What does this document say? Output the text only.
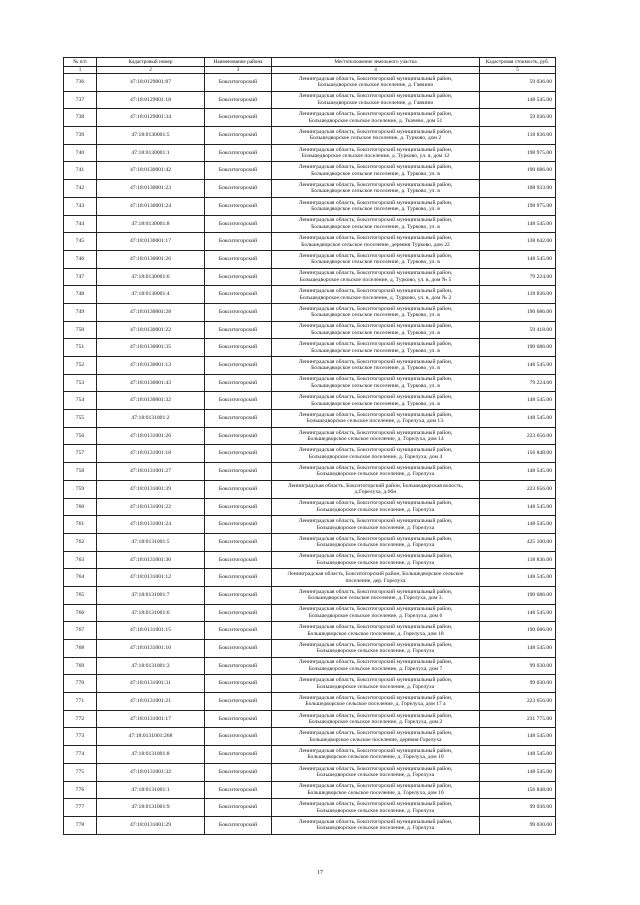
№ п/п	Кадастровый номер	Наименование района	Местоположение земельного участка	Кадастровая стоимость, руб.
1	2	3	4	5
736	47:18:0129001:87	Бокситогорский	Ленинградская область, Бокситогорский муниципальный район,
Большедворское сельское поселение, д. Гавчино	59 036.00
737	47:18:0129001:18	Бокситогорский	Ленинградская область, Бокситогорский муниципальный район,
Большедворское сельское поселение, д. Гавчино	148 545.00
738	47:18:0129001:34	Бокситогорский	Ленинградская область, Бокситогорский муниципальный район,
Большедворское сельское поселение, д. Ткачево, дом 51	59 036.00
739	47:18:0130001:5	Бокситогорский	Ленинградская область, Бокситогорский муниципальный район,
Большедворское сельское поселение, д. Турково, дом 2	118 836.00
740	47:18:0130001:1	Бокситогорский	Ленинградская область, Бокситогорский муниципальный район,
Большедворское сельское поселение, д. Турково, ул. в, дом 12	198 975.00
741	47:18:0130001:42	Бокситогорский	Ленинградская область, Бокситогорский муниципальный район,
Большедворское сельское поселение, д. Турково, ул. в	190 686.00
742	47:18:0130001:23	Бокситогорский	Ленинградская область, Бокситогорский муниципальный район,
Большедворское сельское поселение, д. Турково, ул. в	108 933.00
743	47:18:0130001:24	Бокситогорский	Ленинградская область, Бокситогорский муниципальный район,
Большедворское сельское поселение, д. Турково, ул. в	198 975.00
744	47:18:0130001:8	Бокситогорский	Ленинградская область, Бокситогорский муниципальный район,
Большедворское сельское поселение, д. Турково, ул. в	148 545.00
745	47:18:0130001:17	Бокситогорский	Ленинградская область, Бокситогорский муниципальный район,
Большедворское сельское поселение, деревня Турково, дом 22	138 642.00
746	47:18:0130001:26	Бокситогорский	Ленинградская область, Бокситогорский муниципальный район,
Большедворское сельское поселение, д. Турково, ул. в	148 545.00
747	47:18:0130001:6	Бокситогорский	Ленинградская область, Бокситогорский муниципальный район,
Большедворское сельское поселение, д. Турково, ул. в, дом № 5	79 224.00
748	47:18:0130001:4	Бокситогорский	Ленинградская область, Бокситогорский муниципальный район,
Большедворское сельское поселение, д. Турково, ул. в, дом № 2	118 836.00
749	47:18:0130001:28	Бокситогорский	Ленинградская область, Бокситогорский муниципальный район,
Большедворское сельское поселение, д. Турково, ул. в	190 686.00
750	47:18:0130001:22	Бокситогорский	Ленинградская область, Бокситогорский муниципальный район,
Большедворское сельское поселение, д. Турково, ул. в	59 418.00
751	47:18:0130001:35	Бокситогорский	Ленинградская область, Бокситогорский муниципальный район,
Большедворское сельское поселение, д. Турково, ул. в	190 686.00
752	47:18:0130001:13	Бокситогорский	Ленинградская область, Бокситогорский муниципальный район,
Большедворское сельское поселение, д. Турково, ул. в	148 545.00
753	47:18:0130001:43	Бокситогорский	Ленинградская область, Бокситогорский муниципальный район,
Большедворское сельское поселение, д. Турково, ул. в	79 224.00
754	47:18:0130001:32	Бокситогорский	Ленинградская область, Бокситогорский муниципальный район,
Большедворское сельское поселение, д. Турково, ул. в	148 545.00
755	47:18:0131001:2	Бокситогорский	Ленинградская область, Бокситогорский муниципальный район,
Большедворское сельское поселение, д. Горелуха, дом 13.	148 545.00
756	47:18:0131001:26	Бокситогорский	Ленинградская область, Бокситогорский муниципальный район,
Большедворское сельское поселение, д. Горелуха, дом 14	223 656.00
757	47:18:0131001:18	Бокситогорский	Ленинградская область, Бокситогорский муниципальный район,
Большедворское сельское поселение, д. Горелуха, дом 4	156 848.00
758	47:18:0131001:27	Бокситогорский	Ленинградская область, Бокситогорский муниципальный район,
Большедворское сельское поселение, д. Горелуха	148 545.00
759	47:18:0131001:39	Бокситогорский	Ленинградская область, Бокситогорский район, Большедворская волость,
д.Горелуха, д.6бн	223 656.00
760	47:18:0131001:22	Бокситогорский	Ленинградская область, Бокситогорский муниципальный район,
Большедворское сельское поселение, д. Горелуха	148 545.00
761	47:18:0131001:24	Бокситогорский	Ленинградская область, Бокситогорский муниципальный район,
Большедворское сельское поселение, д. Горелуха	148 545.00
762	47:18:0131001:5	Бокситогорский	Ленинградская область, Бокситогорский муниципальный район,
Большедворское сельское поселение, д. Горелуха	425 100.00
763	47:18:0131001:30	Бокситогорский	Ленинградская область, Бокситогорский муниципальный район,
Большедворское сельское поселение, д. Горелуха	118 836.00
764	47:18:0131001:12	Бокситогорский	Ленинградская область, Бокситогорский район, Большедворское сельское
поселение, дер. Горелуха	148 545.00
765	47:18:0131001:7	Бокситогорский	Ленинградская область, Бокситогорский муниципальный район,
Большедворское сельское поселение, д. Горелуха, дом 3.	190 686.00
766	47:18:0131001:6	Бокситогорский	Ленинградская область, Бокситогорский муниципальный район,
Большедворское сельское поселение, д. Горелуха, дом 6	148 545.00
767	47:18:0131001:15	Бокситогорский	Ленинградская область, Бокситогорский муниципальный район,
Большедворское сельское поселение, д. Горелуха, дом 18	190 686.00
768	47:18:0131001:10	Бокситогорский	Ленинградская область, Бокситогорский муниципальный район,
Большедворское сельское поселение, д. Горелуха	148 545.00
769	47:18:0131001:3	Бокситогорский	Ленинградская область, Бокситогорский муниципальный район,
Большедворское сельское поселение, д. Горелуха, дом 7	99 030.00
770	47:18:0131001:31	Бокситогорский	Ленинградская область, Бокситогорский муниципальный район,
Большедворское сельское поселение, д. Горелуха	99 030.00
771	47:18:0131001:21	Бокситогорский	Ленинградская область, Бокситогорский муниципальный район,
Большедворское сельское поселение, д. Горелуха, дом 17 а	223 656.00
772	47:18:0131001:17	Бокситогорский	Ленинградская область, Бокситогорский муниципальный район,
Большедворское сельское поселение, д. Горелуха, дом 2	231 775.00
773	47:18:0131001:268	Бокситогорский	Ленинградская область, Бокситогорский муниципальный район,
Большедворское сельское поселение, деревня Горелуха	148 545.00
774	47:18:0131001:8	Бокситогорский	Ленинградская область, Бокситогорский муниципальный район,
Большедворское сельское поселение, д. Горелуха, дом 10	148 545.00
775	47:18:0131001:32	Бокситогорский	Ленинградская область, Бокситогорский муниципальный район,
Большедворское сельское поселение, д. Горелуха	148 545.00
776	47:18:0131001:1	Бокситогорский	Ленинградская область, Бокситогорский муниципальный район,
Большедворское сельское поселение, д. Горелуха, дом 10	156 848.00
777	47:18:0131001:9	Бокситогорский	Ленинградская область, Бокситогорский муниципальный район,
Большедворское сельское поселение, д. Горелуха	99 036.00
778	47:18:0131001:29	Бокситогорский	Ленинградская область, Бокситогорский муниципальный район,
Большедворское сельское поселение, д. Горелуха	99 030.00
17
